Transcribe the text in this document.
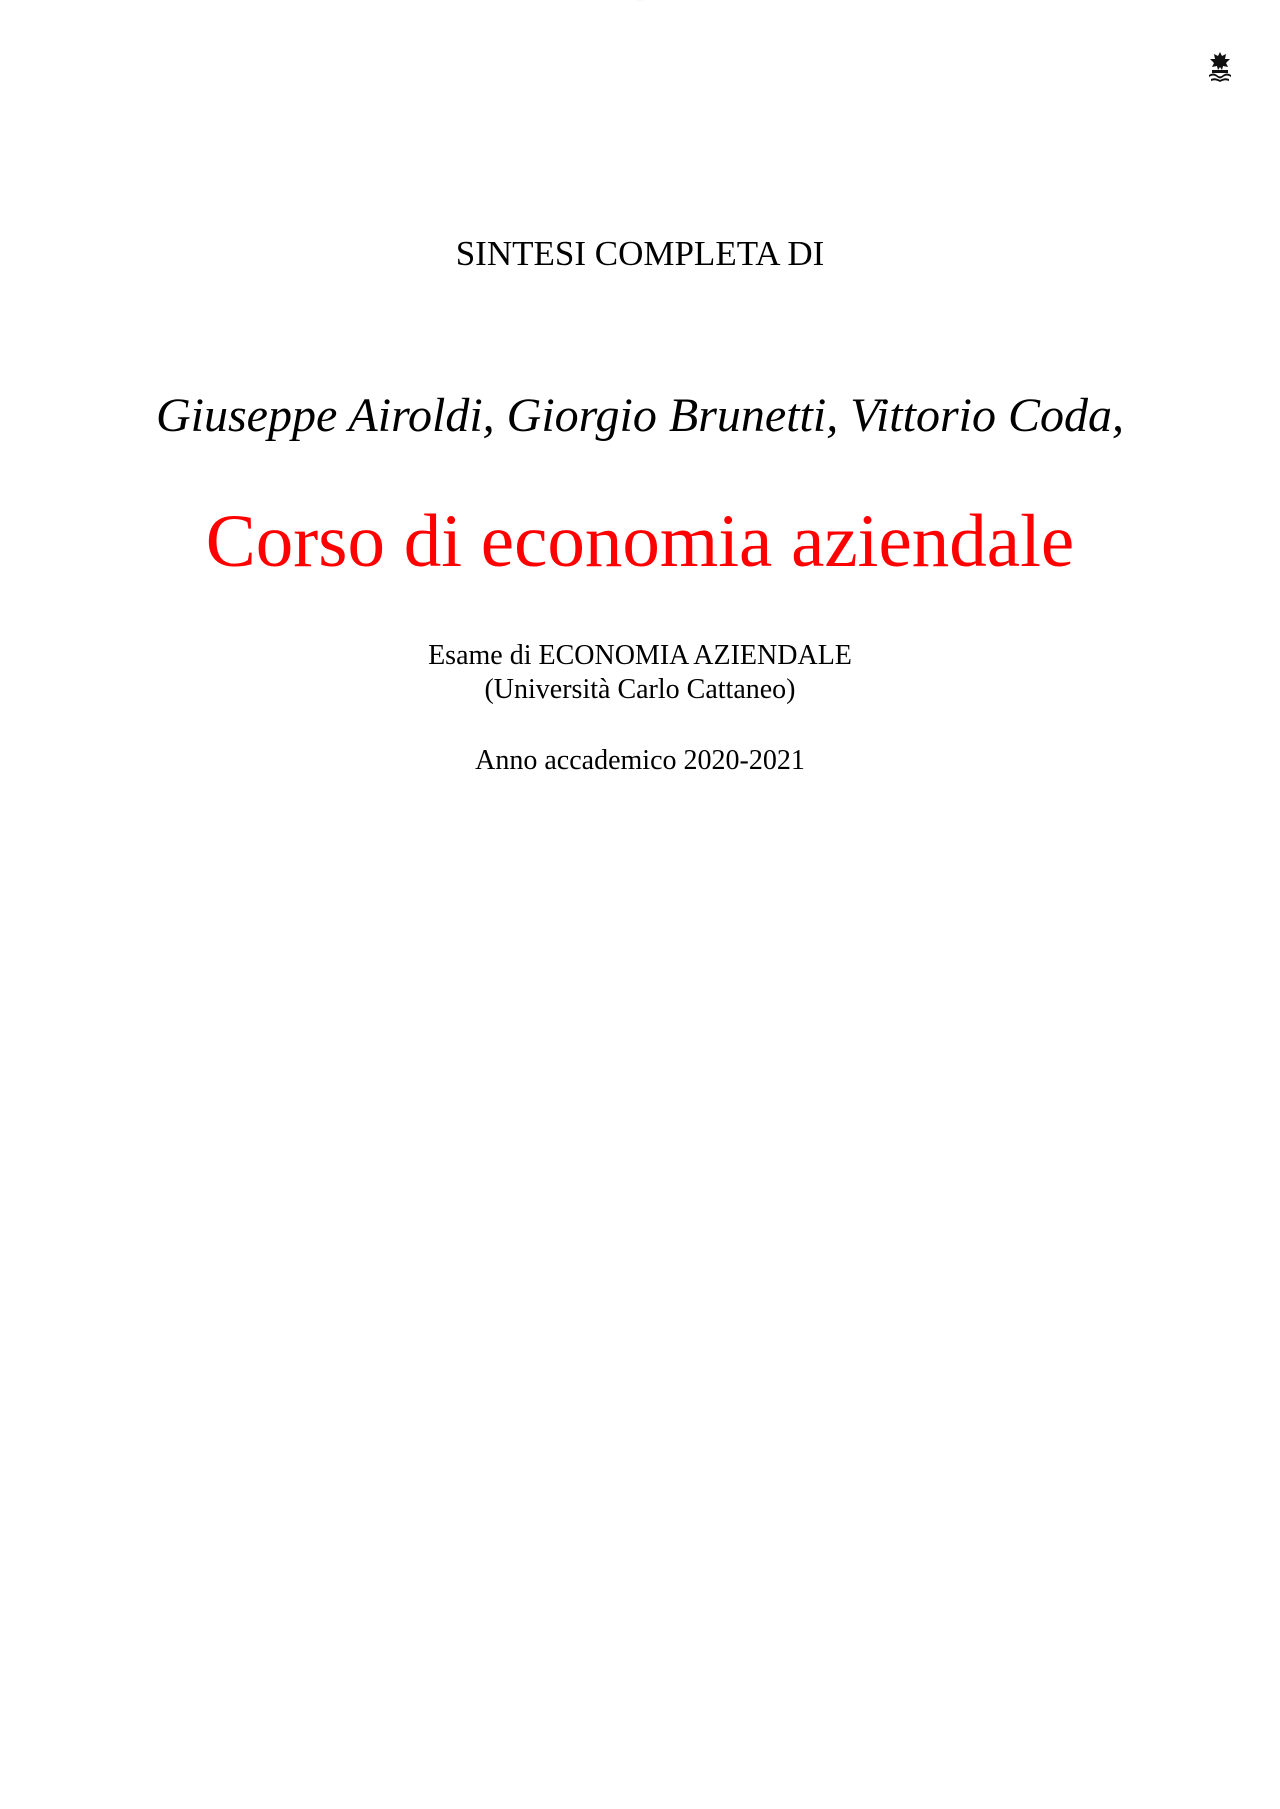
·····
SINTESI COMPLETA DI
Giuseppe Airoldi, Giorgio Brunetti, Vittorio Coda,
Corso di economia aziendale
Esame di ECONOMIA AZIENDALE
(Università Carlo Cattaneo)
Anno accademico 2020-2021
